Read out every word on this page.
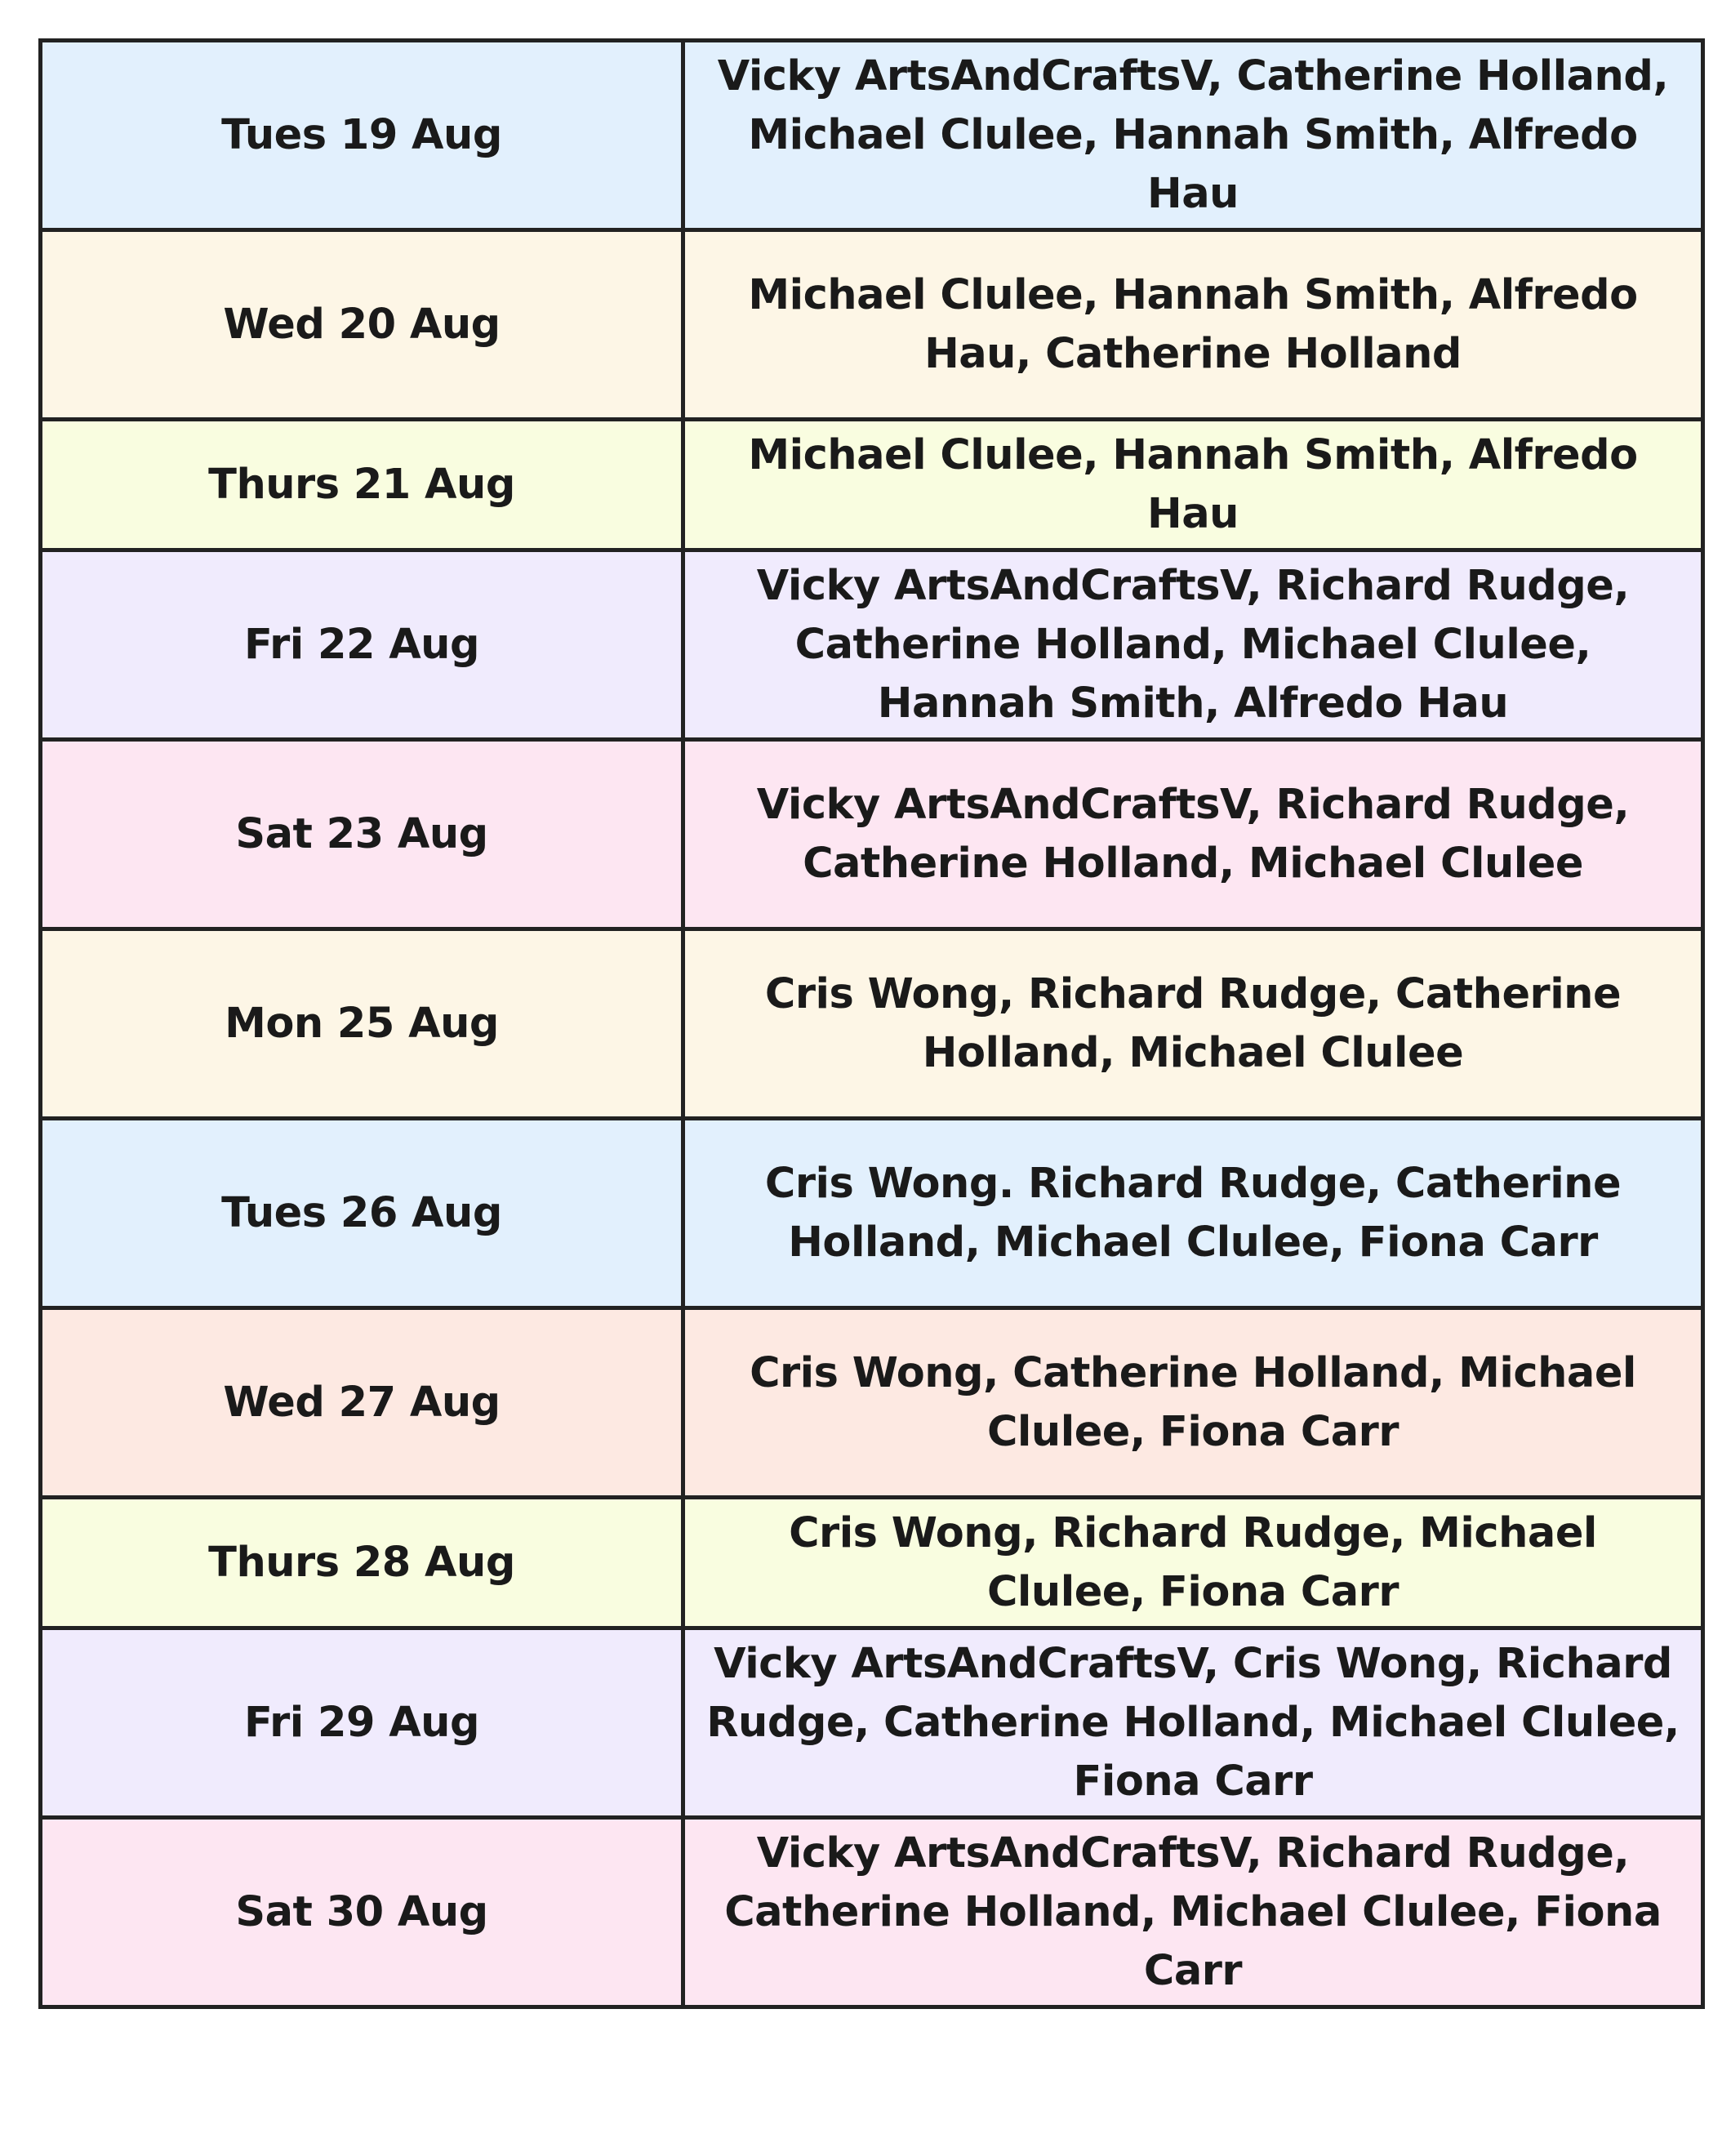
Tues 19 Aug	Vicky ArtsAndCraftsV, Catherine Holland, Michael Clulee, Hannah Smith, Alfredo Hau
Wed 20 Aug	Michael Clulee, Hannah Smith, Alfredo Hau, Catherine Holland
Thurs 21 Aug	Michael Clulee, Hannah Smith, Alfredo Hau
Fri 22 Aug	Vicky ArtsAndCraftsV, Richard Rudge, Catherine Holland, Michael Clulee, Hannah Smith, Alfredo Hau
Sat 23 Aug	Vicky ArtsAndCraftsV, Richard Rudge, Catherine Holland, Michael Clulee
Mon 25 Aug	Cris Wong, Richard Rudge, Catherine Holland, Michael Clulee
Tues 26 Aug	Cris Wong. Richard Rudge, Catherine Holland, Michael Clulee, Fiona Carr
Wed 27 Aug	Cris Wong, Catherine Holland, Michael Clulee, Fiona Carr
Thurs 28 Aug	Cris Wong, Richard Rudge, Michael Clulee, Fiona Carr
Fri 29 Aug	Vicky ArtsAndCraftsV, Cris Wong, Richard Rudge, Catherine Holland, Michael Clulee, Fiona Carr
Sat 30 Aug	Vicky ArtsAndCraftsV, Richard Rudge, Catherine Holland, Michael Clulee, Fiona Carr
